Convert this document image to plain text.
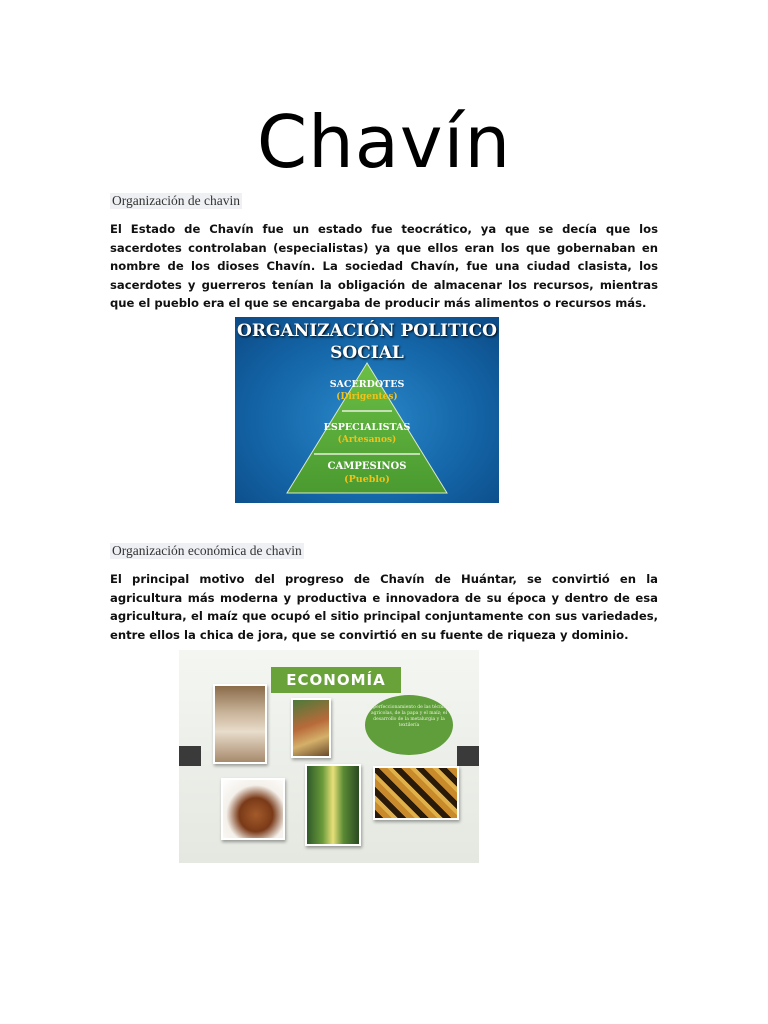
Chavín
Organización de chavin

El Estado de Chavín fue un estado fue teocrático, ya que se decía que los sacerdotes controlaban (especialistas) ya que ellos eran los que gobernaban en nombre de los dioses Chavín. La sociedad Chavín, fue una ciudad clasista, los sacerdotes y guerreros tenían la obligación de almacenar los recursos, mientras que el pueblo era el que se encargaba de producir más alimentos o recursos más.

ORGANIZACIÓN POLITICO
SOCIAL
SACERDOTES
(Dirigentes)
ESPECIALISTAS
(Artesanos)
CAMPESINOS
(Pueblo)
Organización económica de chavin

El principal motivo del progreso de Chavín de Huántar, se convirtió en la agricultura más moderna y productiva e innovadora de su época y dentro de esa agricultura, el maíz que ocupó el sitio principal conjuntamente con sus variedades, entre ellos la chica de jora, que se convirtió en su fuente de riqueza y dominio.

ECONOMÍA
El perfeccionamiento de las técnicas agrícolas, de la papa y el maíz; el desarrollo de la metalurgia y la textilería
